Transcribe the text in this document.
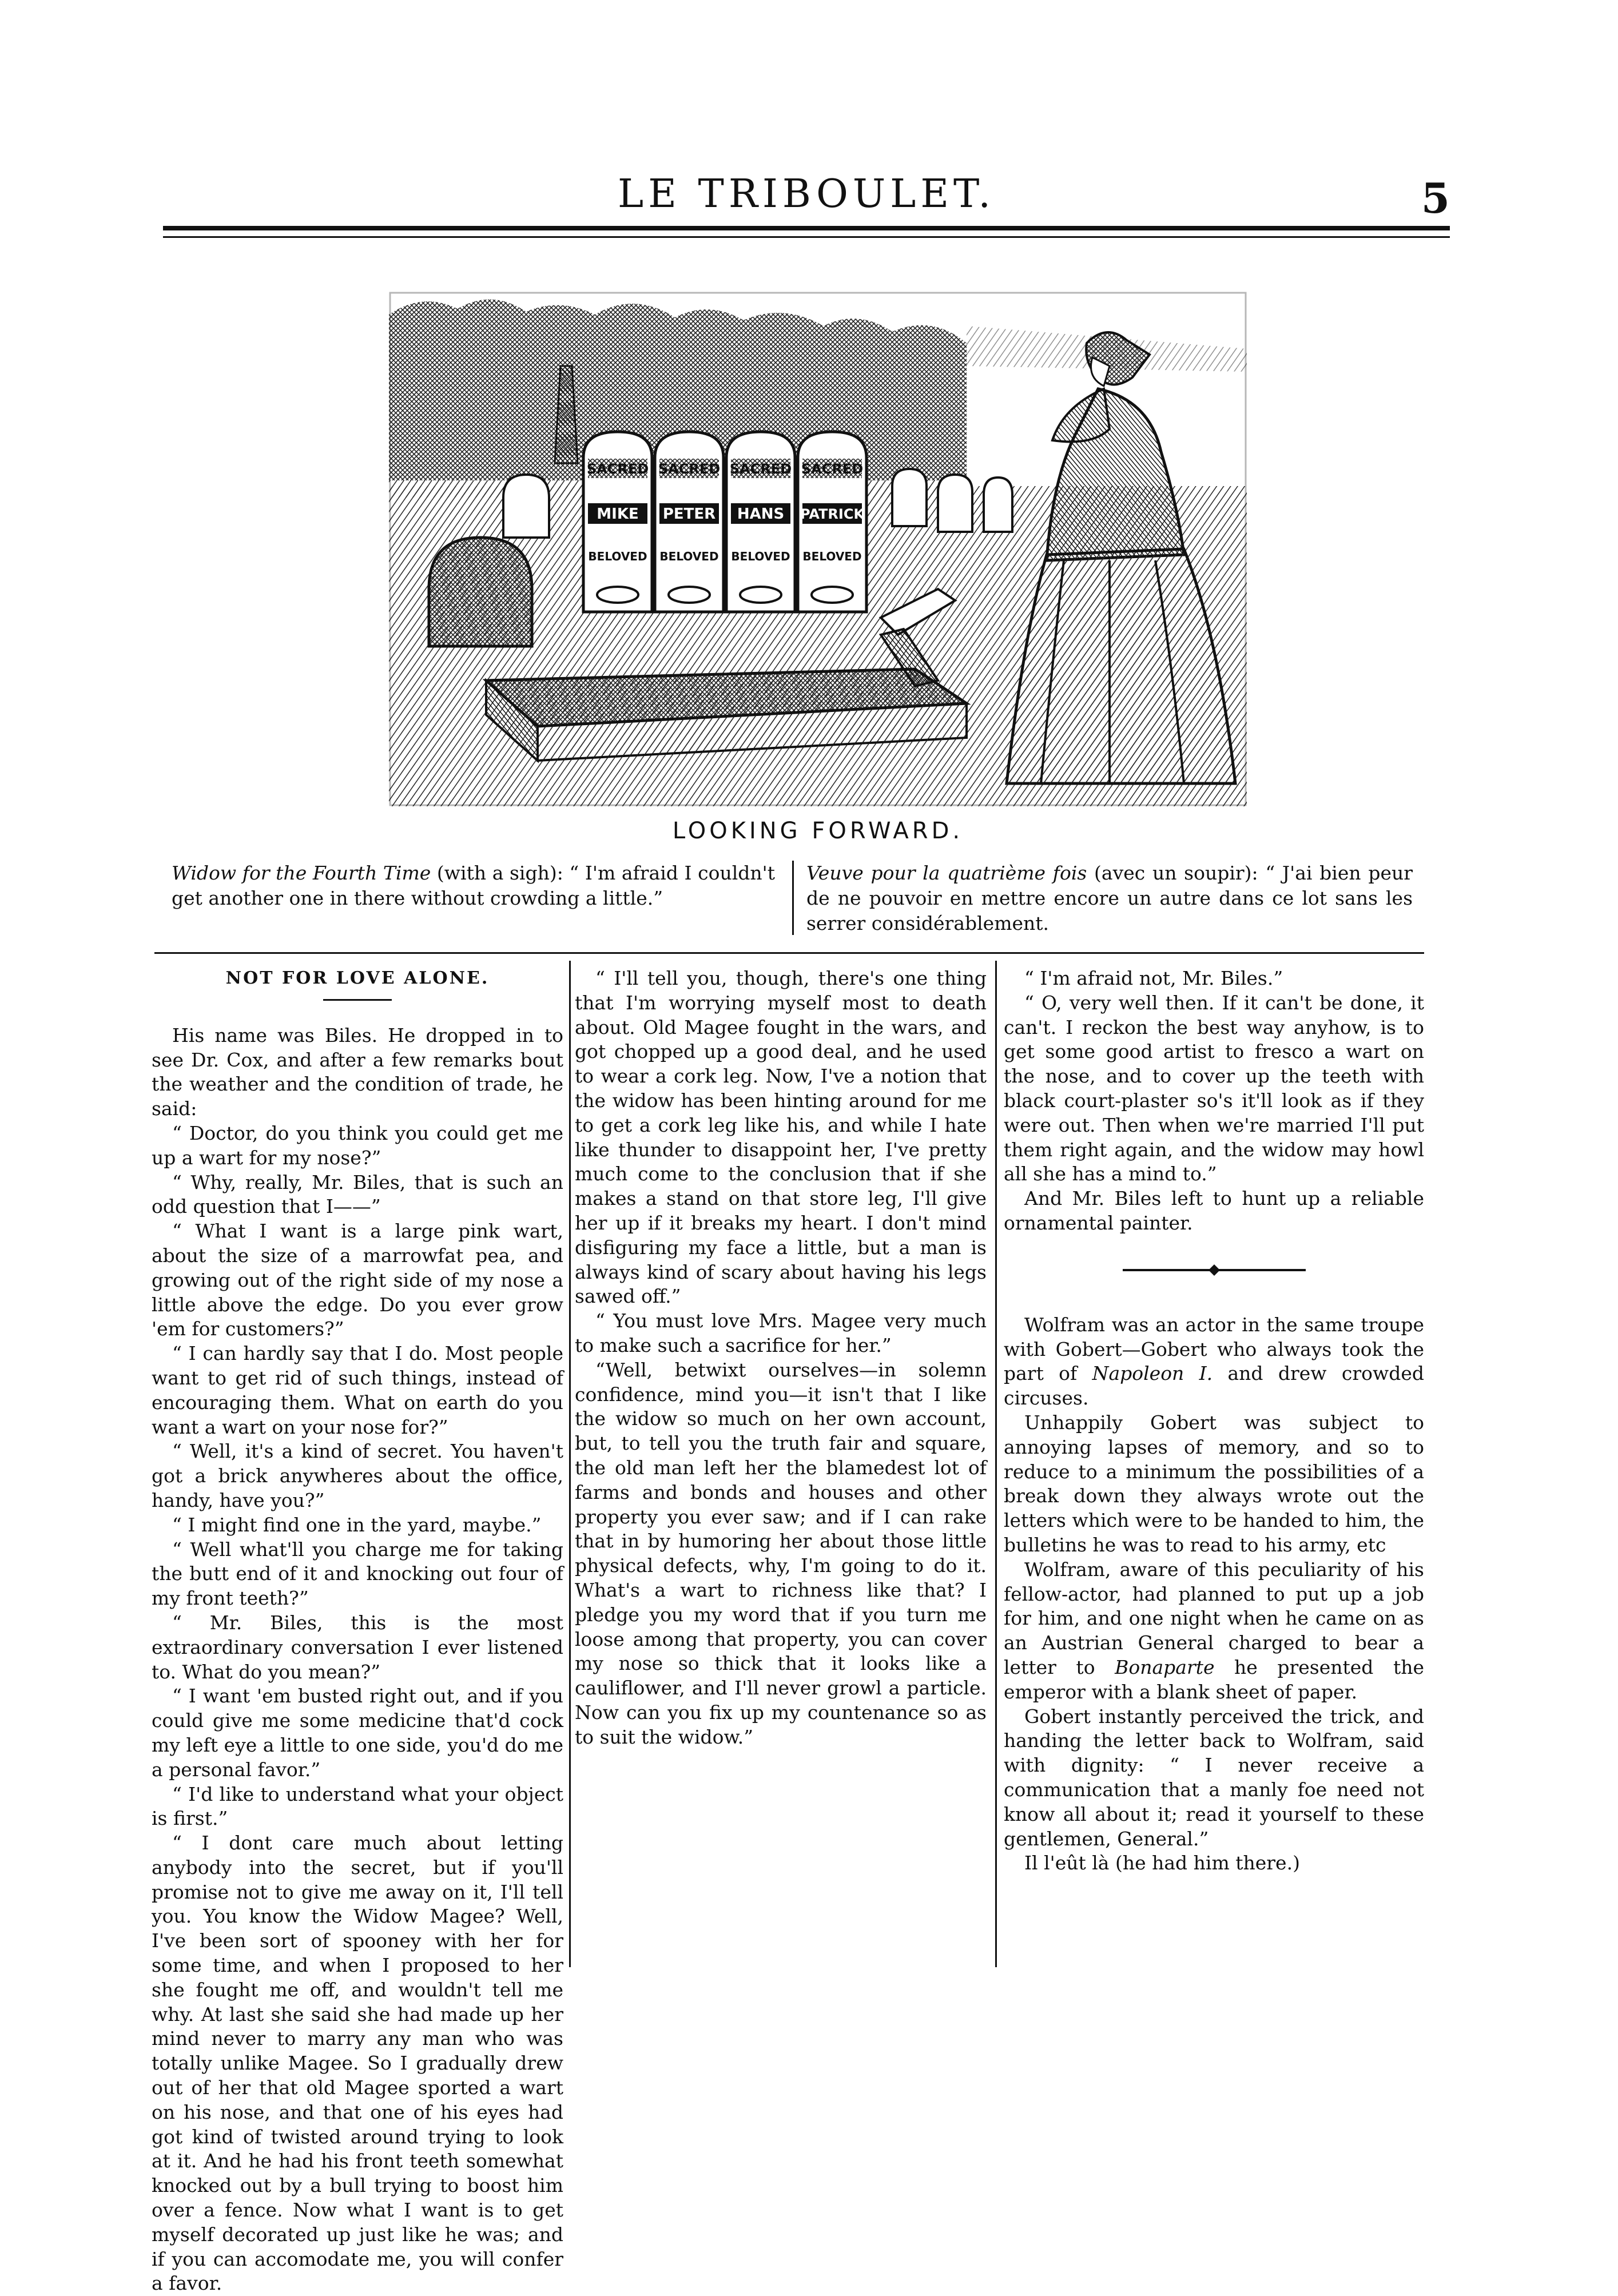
LE TRIBOULET.	5
SACRED
MIKE
BELOVED
SACRED
PETER
BELOVED
SACRED
HANS
BELOVED
SACRED
PATRICK
BELOVED
LOOKING FORWARD.
Widow for the Fourth Time (with a sigh): “ I'm afraid I couldn't get another one in there without crowding a little.”
Veuve pour la quatrième fois (avec un soupir): “ J'ai bien peur de ne pouvoir en mettre encore un autre dans ce lot sans les serrer considérablement.
NOT FOR LOVE ALONE.

His name was Biles. He dropped in to see Dr. Cox, and after a few remarks bout the weather and the condition of trade, he said:

“ Doctor, do you think you could get me up a wart for my nose?”

“ Why, really, Mr. Biles, that is such an odd question that I——”

“ What I want is a large pink wart, about the size of a marrowfat pea, and growing out of the right side of my nose a little above the edge. Do you ever grow 'em for customers?”

“ I can hardly say that I do. Most people want to get rid of such things, instead of encouraging them. What on earth do you want a wart on your nose for?”

“ Well, it's a kind of secret. You haven't got a brick anywheres about the office, handy, have you?”

“ I might find one in the yard, maybe.”

“ Well what'll you charge me for taking the butt end of it and knocking out four of my front teeth?”

“ Mr. Biles, this is the most extraordinary conversation I ever listened to. What do you mean?”

“ I want 'em busted right out, and if you could give me some medicine that'd cock my left eye a little to one side, you'd do me a personal favor.”

“ I'd like to understand what your object is first.”

“ I dont care much about letting anybody into the secret, but if you'll promise not to give me away on it, I'll tell you. You know the Widow Magee? Well, I've been sort of spooney with her for some time, and when I proposed to her she fought me off, and wouldn't tell me why. At last she said she had made up her mind never to marry any man who was totally unlike Magee. So I gradually drew out of her that old Magee sported a wart on his nose, and that one of his eyes had got kind of twisted around trying to look at it. And he had his front teeth somewhat knocked out by a bull trying to boost him over a fence. Now what I want is to get myself decorated up just like he was; and if you can accomodate me, you will confer a favor.

“ I'll tell you, though, there's one thing that I'm worrying myself most to death about. Old Magee fought in the wars, and got chopped up a good deal, and he used to wear a cork leg. Now, I've a notion that the widow has been hinting around for me to get a cork leg like his, and while I hate like thunder to disappoint her, I've pretty much come to the conclusion that if she makes a stand on that store leg, I'll give her up if it breaks my heart. I don't mind disfiguring my face a little, but a man is always kind of scary about having his legs sawed off.”

“ You must love Mrs. Magee very much to make such a sacrifice for her.”

“Well, betwixt ourselves—in solemn confidence, mind you—it isn't that I like the widow so much on her own account, but, to tell you the truth fair and square, the old man left her the blamedest lot of farms and bonds and houses and other property you ever saw; and if I can rake that in by humoring her about those little physical defects, why, I'm going to do it. What's a wart to richness like that? I pledge you my word that if you turn me loose among that property, you can cover my nose so thick that it looks like a cauliflower, and I'll never growl a particle. Now can you fix up my countenance so as to suit the widow.”

“ I'm afraid not, Mr. Biles.”

“ O, very well then. If it can't be done, it can't. I reckon the best way anyhow, is to get some good artist to fresco a wart on the nose, and to cover up the teeth with black court-plaster so's it'll look as if they were out. Then when we're married I'll put them right again, and the widow may howl all she has a mind to.”

And Mr. Biles left to hunt up a reliable ornamental painter.

Wolfram was an actor in the same troupe with Gobert—Gobert who always took the part of Napoleon I. and drew crowded circuses.

Unhappily Gobert was subject to annoying lapses of memory, and so to reduce to a minimum the possibilities of a break down they always wrote out the letters which were to be handed to him, the bulletins he was to read to his army, etc

Wolfram, aware of this peculiarity of his fellow-actor, had planned to put up a job for him, and one night when he came on as an Austrian General charged to bear a letter to Bonaparte he presented the emperor with a blank sheet of paper.

Gobert instantly perceived the trick, and handing the letter back to Wolfram, said with dignity: “ I never receive a communication that a manly foe need not know all about it; read it yourself to these gentlemen, General.”

Il l'eût là (he had him there.)
